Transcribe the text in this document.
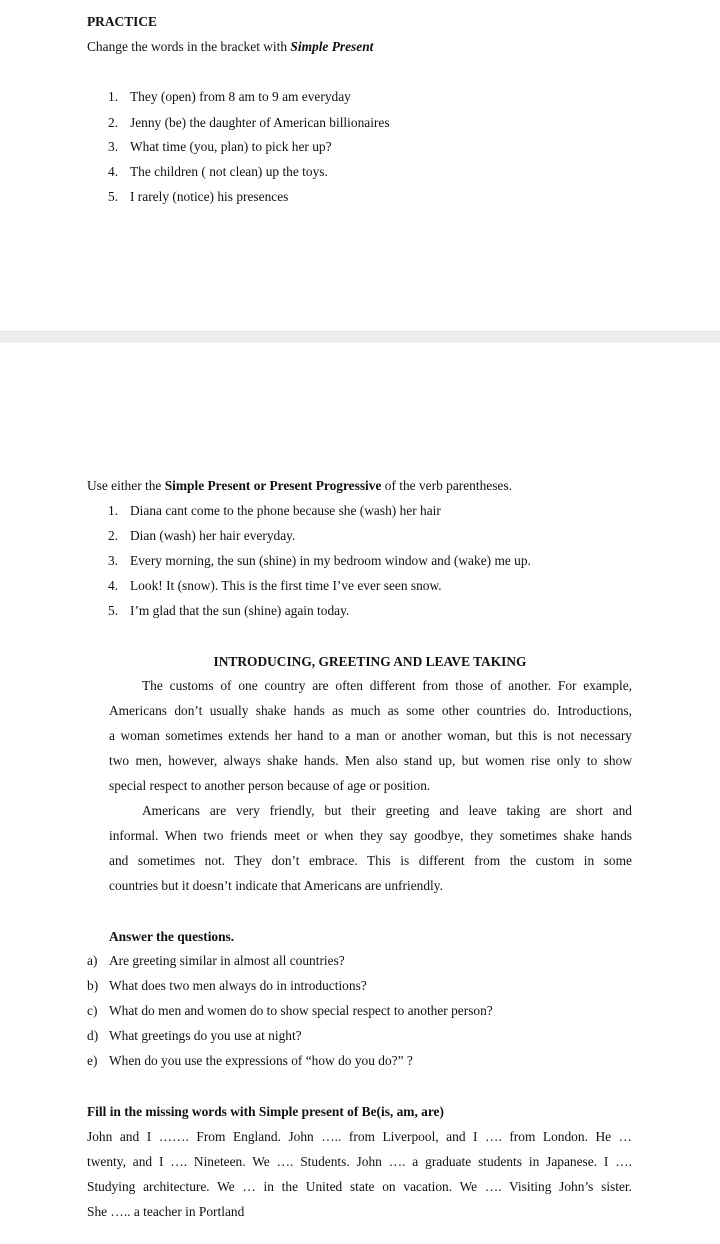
PRACTICE
Change the words in the bracket with Simple Present
1. They (open) from 8 am to 9 am everyday
2. Jenny (be) the daughter of American billionaires
3. What time (you, plan) to pick her up?
4. The children ( not clean) up the toys.
5. I rarely (notice) his presences
Use either the Simple Present or Present Progressive of the verb parentheses.
1. Diana cant come to the phone because she (wash) her hair
2. Dian (wash) her hair everyday.
3. Every morning, the sun (shine) in my bedroom window and (wake) me up.
4. Look! It (snow). This is the first time I’ve ever seen snow.
5. I’m glad that the sun (shine) again today.
INTRODUCING, GREETING AND LEAVE TAKING
The customs of one country are often different from those of another. For example,
Americans don’t usually shake hands as much as some other countries do. Introductions,
a woman sometimes extends her hand to a man or another woman, but this is not necessary
two men, however, always shake hands. Men also stand up, but women rise only to show
special respect to another person because of age or position.
Americans are very friendly, but their greeting and leave taking are short and
informal. When two friends meet or when they say goodbye, they sometimes shake hands
and sometimes not. They don’t embrace. This is different from the custom in some
countries but it doesn’t indicate that Americans are unfriendly.
Answer the questions.
a) Are greeting similar in almost all countries?
b) What does two men always do in introductions?
c) What do men and women do to show special respect to another person?
d) What greetings do you use at night?
e) When do you use the expressions of “how do you do?” ?
Fill in the missing words with Simple present of Be(is, am, are)
John and I ……. From England. John ….. from Liverpool, and I …. from London. He …
twenty, and I …. Nineteen. We …. Students. John …. a graduate students in Japanese. I ….
Studying architecture. We … in the United state on vacation. We …. Visiting John’s sister.
She ….. a teacher in Portland
